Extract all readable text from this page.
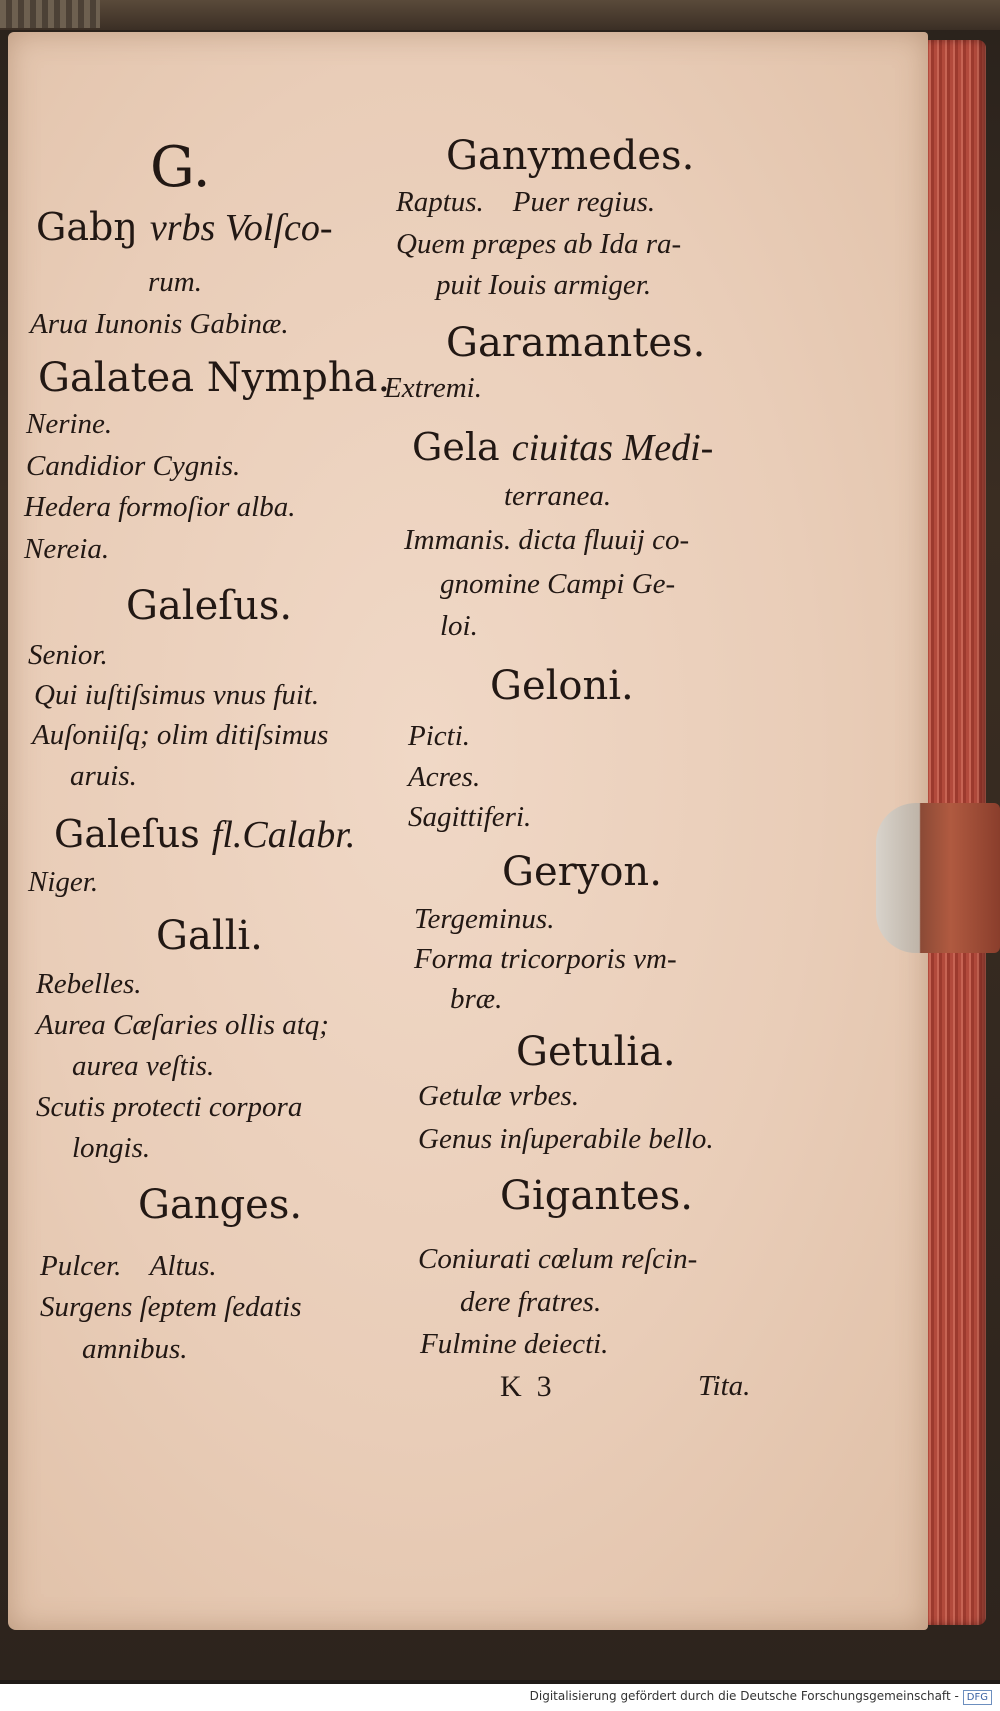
G.
Gabŋ vrbs Volſco-
rum.
Arua Iunonis Gabinæ.
Galatea Nympha.
Nerine.
Candidior Cygnis.
Hedera formoſior alba.
Nereia.
Galeſus.
Senior.
Qui iuſtiſsimus vnus fuit.
Auſoniiſq; olim ditiſsimus
aruis.
Galeſus fl.Calabr.
Niger.
Galli.
Rebelles.
Aurea Cæſaries ollis atq;
aurea veſtis.
Scutis protecti corpora
longis.
Ganges.
Pulcer.    Altus.
Surgens ſeptem ſedatis
amnibus.
Ganymedes.
Raptus.    Puer regius.
Quem præpes ab Ida ra-
puit Iouis armiger.
Garamantes.
Extremi.
Gela ciuitas Medi-
terranea.
Immanis. dicta fluuij co-
gnomine Campi Ge-
loi.
Geloni.
Picti.
Acres.
Sagittiferi.
Geryon.
Tergeminus.
Forma tricorporis vm-
bræ.
Getulia.
Getulæ vrbes.
Genus inſuperabile bello.
Gigantes.
Coniurati cœlum reſcin-
dere fratres.
Fulmine deiecti.
K  3	Tita.
Digitalisierung gefördert durch die Deutsche Forschungsgemeinschaft - DFG
